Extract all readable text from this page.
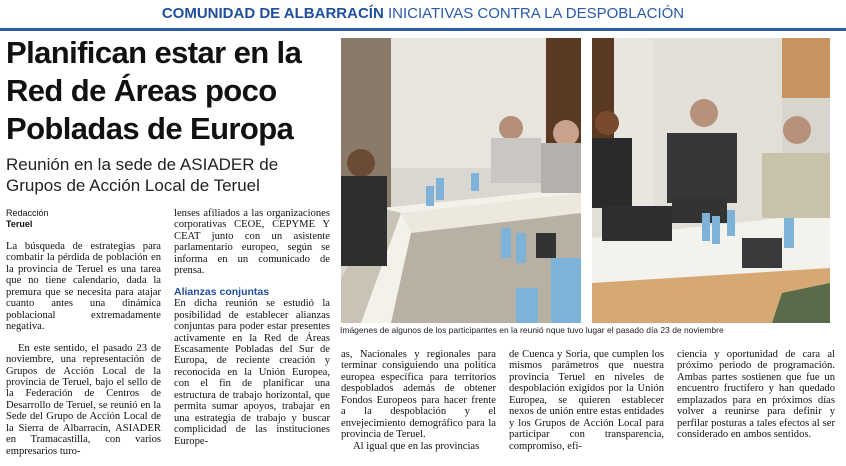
COMUNIDAD DE ALBARRACÍN INICIATIVAS CONTRA LA DESPOBLACIÓN
Planifican estar en la
Red de Áreas poco
Pobladas de Europa
Reunión en la sede de ASIADER de
Grupos de Acción Local de Teruel
Redacción
Teruel

La búsqueda de estrategias para combatir la pérdida de población en la provincia de Teruel es una tarea que no tiene calendario, dada la premura que se necesita para atajar cuanto antes una dinámica poblacional extremadamente negativa.

En este sentido, el pasado 23 de noviembre, una representación de Grupos de Acción Local de la provincia de Teruel, bajo el sello de la Federación de Centros de Desarrollo de Teruel, se reunió en la Sede del Grupo de Acción Local de la Sierra de Albarracín, ASIADER en Tramacastilla, con varios empresarios turo-

lenses afiliados a las organizaciones corporativas CEOE, CEPYME Y CEAT junto con un asistente parlamentario europeo, según se informa en un comunicado de prensa.

Alianzas conjuntas

En dicha reunión se estudió la posibilidad de establecer alianzas conjuntas para poder estar presentes activamente en la Red de Áreas Escasamente Pobladas del Sur de Europa, de reciente creación y reconocida en la Unión Europea, con el fin de planificar una estructura de trabajo horizontal, que permita sumar apoyos, trabajar en una estrategia de trabajo y buscar complicidad de las instituciones Europe-

as, Nacionales y regionales para terminar consiguiendo una política europea específica para territorios despoblados además de obtener Fondos Europeos para hacer frente a la despoblación y el envejecimiento demográfico para la provincia de Teruel.

Al igual que en las provincias

de Cuenca y Soria, que cumplen los mismos parámetros que nuestra provincia Teruel en niveles de despoblación exigidos por la Unión Europea, se quieren establecer nexos de unión entre estas entidades y los Grupos de Acción Local para participar con transparencia, compromiso, efi-

ciencia y oportunidad de cara al próximo periodo de programación. Ambas partes sostienen que fue un encuentro fructífero y han quedado emplazados para en próximos días volver a reunirse para definir y perfilar posturas a tales efectos al ser considerado en ambos sentidos.

Imágenes de algunos de los participantes en la reunió nque tuvo lugar el pasado día 23 de noviembre
